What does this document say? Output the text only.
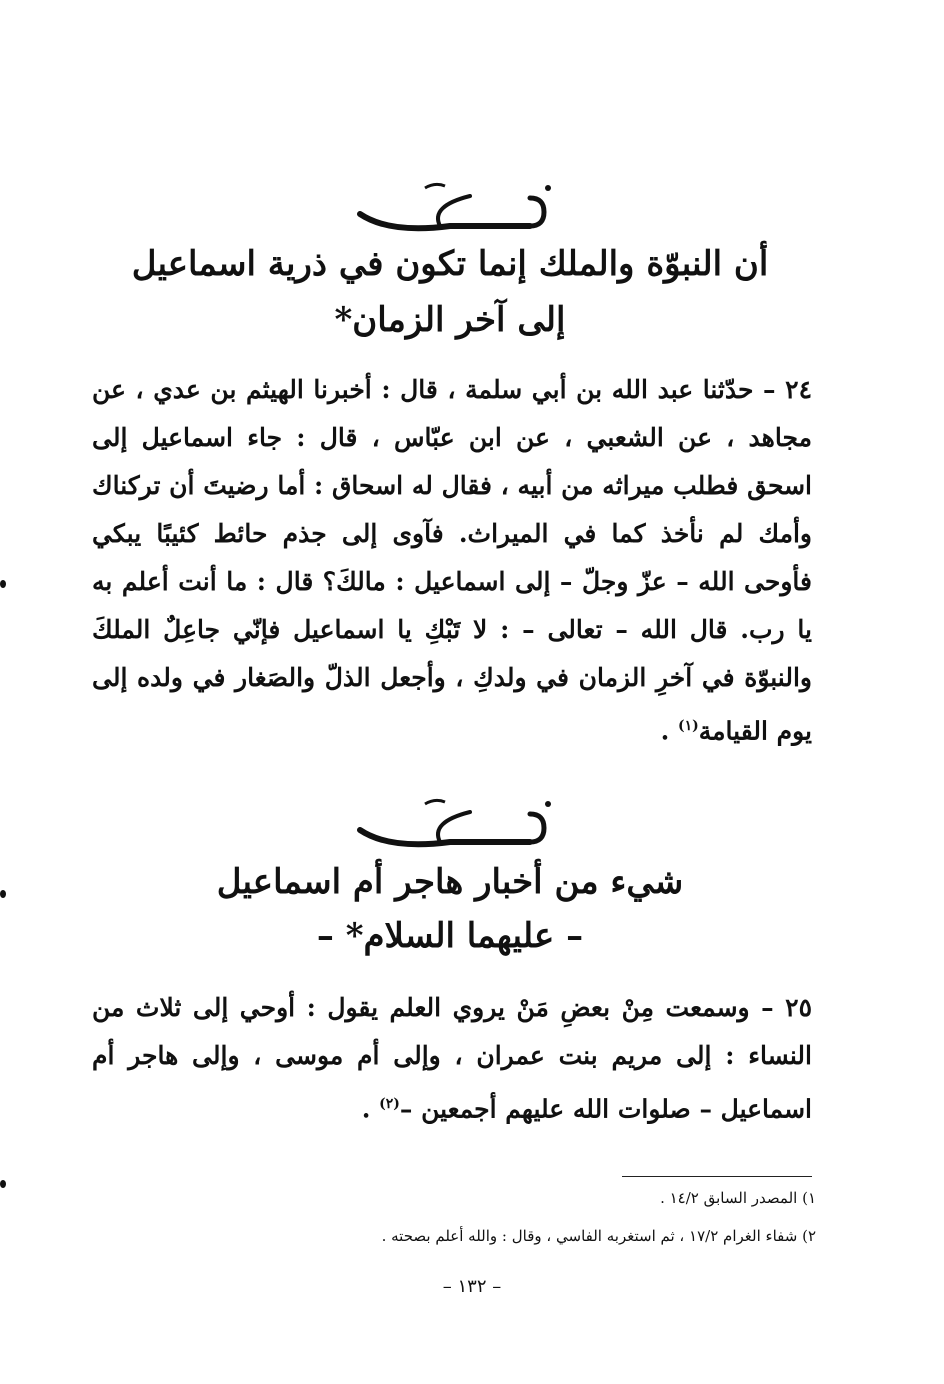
أن النبوّة والملك إنما تكون في ذرية اسماعيل
إلى آخر الزمان*

٢٤ – حدّثنا عبد الله بن أبي سلمة ، قال : أخبرنا الهيثم بن عدي ، عن مجاهد ، عن الشعبي ، عن ابن عبّاس ، قال : جاء اسماعيل إلى اسحق فطلب ميراثه من أبيه ، فقال له اسحاق : أما رضيتَ أن تركناك وأمك لم نأخذ كما في الميراث. فآوى إلى جذم حائط كئيبًا يبكي فأوحى الله – عزّ وجلّ – إلى اسماعيل : مالكَ؟ قال : ما أنت أعلم به يا رب. قال الله – تعالى – : لا تَبْكِ يا اسماعيل فإنّي جاعِلٌ الملكَ والنبوّة في آخرِ الزمان في ولدكِ ، وأجعل الذلّ والصَغار في ولده إلى يوم القيامة$^{(١)}$ .

شيء من أخبار هاجر أم اسماعيل
– عليهما السلام* –

٢٥ – وسمعت مِنْ بعضِ مَنْ يروي العلم يقول : أوحي إلى ثلاث من النساء : إلى مريم بنت عمران ، وإلى أم موسى ، وإلى هاجر أم اسماعيل – صلوات الله عليهم أجمعين –$^{(٢)}$ .

١) المصدر السابق ١٤/٢ .
٢) شفاء الغرام ١٧/٢ ، ثم استغربه الفاسي ، وقال : والله أعلم بصحته .
– ١٣٢ –
